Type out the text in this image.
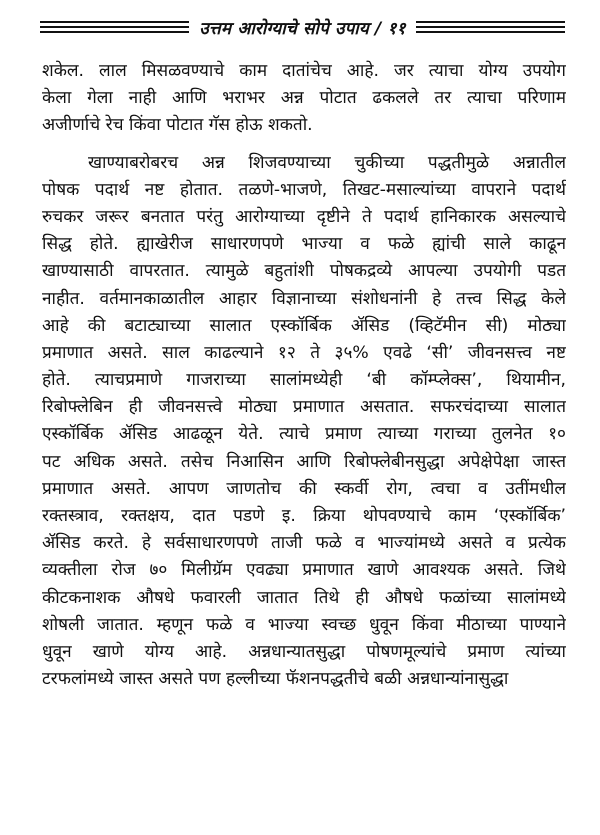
उत्तम आरोग्याचे सोपे उपाय / ११
शकेल. लाल मिसळवण्याचे काम दातांचेच आहे. जर त्याचा योग्य उपयोग
केला गेला नाही आणि भराभर अन्न पोटात ढकलले तर त्याचा परिणाम
अजीर्णाचे रेच किंवा पोटात गॅस होऊ शकतो.
खाण्याबरोबरच अन्न शिजवण्याच्या चुकीच्या पद्धतीमुळे अन्नातील
पोषक पदार्थ नष्ट होतात. तळणे-भाजणे, तिखट-मसाल्यांच्या वापराने पदार्थ
रुचकर जरूर बनतात परंतु आरोग्याच्या दृष्टीने ते पदार्थ हानिकारक असल्याचे
सिद्ध होते. ह्याखेरीज साधारणपणे भाज्या व फळे ह्यांची साले काढून
खाण्यासाठी वापरतात. त्यामुळे बहुतांशी पोषकद्रव्ये आपल्या उपयोगी पडत
नाहीत. वर्तमानकाळातील आहार विज्ञानाच्या संशोधनांनी हे तत्त्व सिद्ध केले
आहे की बटाट्याच्या सालात एस्कॉर्बिक ॲसिड (व्हिटॅमीन सी) मोठ्या
प्रमाणात असते. साल काढल्याने १२ ते ३५% एवढे ‘सी’ जीवनसत्त्व नष्ट
होते. त्याचप्रमाणे गाजराच्या सालांमध्येही ‘बी कॉम्प्लेक्स’, थियामीन,
रिबोफ्लेबिन ही जीवनसत्त्वे मोठ्या प्रमाणात असतात. सफरचंदाच्या सालात
एस्कॉर्बिक ॲसिड आढळून येते. त्याचे प्रमाण त्याच्या गराच्या तुलनेत १०
पट अधिक असते. तसेच निआसिन आणि रिबोफ्लेबीनसुद्धा अपेक्षेपेक्षा जास्त
प्रमाणात असते. आपण जाणतोच की स्कर्वी रोग, त्वचा व उतींमधील
रक्तस्त्राव, रक्तक्षय, दात पडणे इ. क्रिया थोपवण्याचे काम ‘एस्कॉर्बिक’
ॲसिड करते. हे सर्वसाधारणपणे ताजी फळे व भाज्यांमध्ये असते व प्रत्येक
व्यक्तीला रोज ७० मिलीग्रॅम एवढ्या प्रमाणात खाणे आवश्यक असते. जिथे
कीटकनाशक औषधे फवारली जातात तिथे ही औषधे फळांच्या सालांमध्ये
शोषली जातात. म्हणून फळे व भाज्या स्वच्छ धुवून किंवा मीठाच्या पाण्याने
धुवून खाणे योग्य आहे. अन्नधान्यातसुद्धा पोषणमूल्यांचे प्रमाण त्यांच्या
टरफलांमध्ये जास्त असते पण हल्लीच्या फॅशनपद्धतीचे बळी अन्नधान्यांनासुद्धा
